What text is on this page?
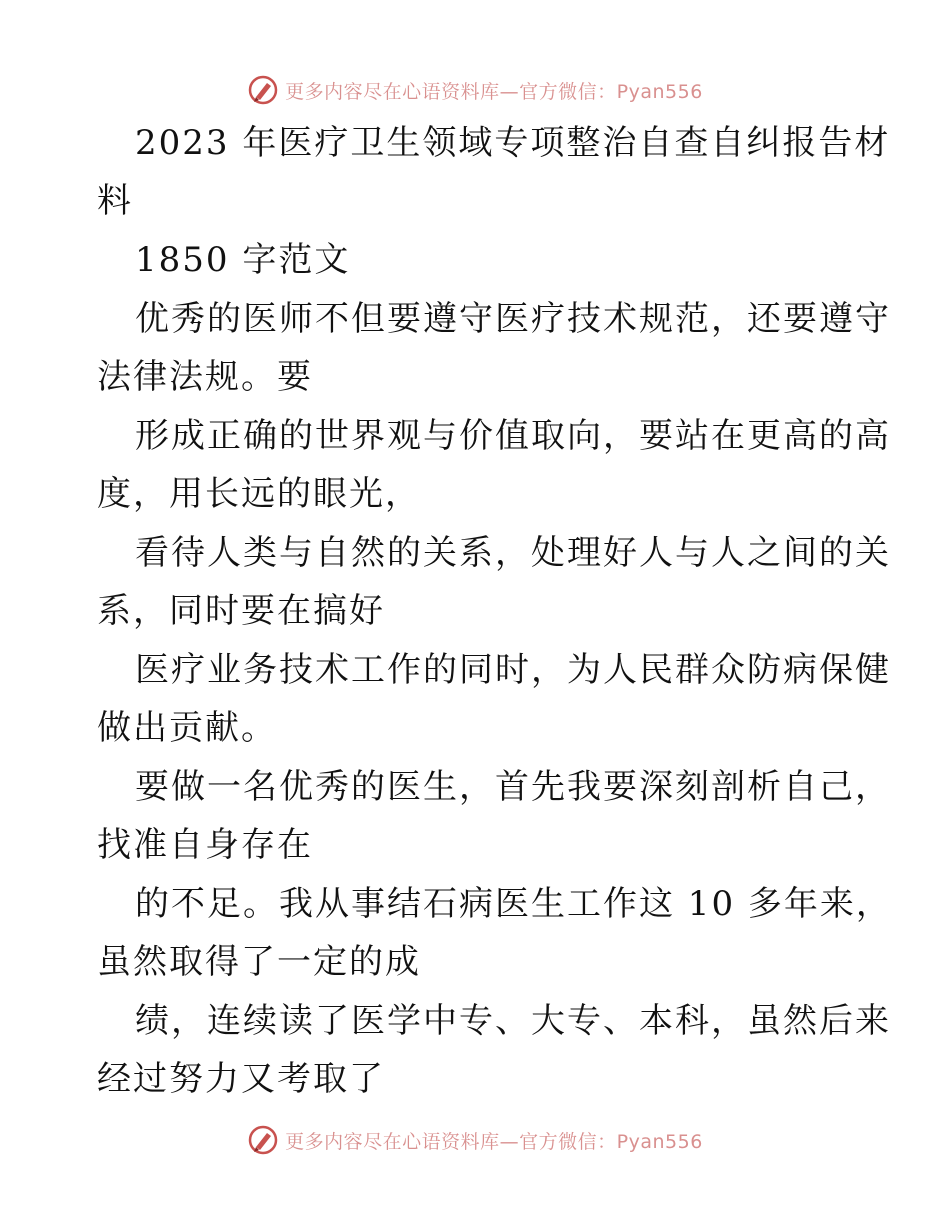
更多内容尽在心语资料库—官方微信：Pyan556
2023 年医疗卫生领域专项整治自查自纠报告材
料
1850 字范文
优秀的医师不但要遵守医疗技术规范，还要遵守
法律法规。要
形成正确的世界观与价值取向，要站在更高的高
度，用长远的眼光，
看待人类与自然的关系，处理好人与人之间的关
系，同时要在搞好
医疗业务技术工作的同时，为人民群众防病保健
做出贡献。
要做一名优秀的医生，首先我要深刻剖析自己，
找准自身存在
的不足。我从事结石病医生工作这 10 多年来，
虽然取得了一定的成
绩，连续读了医学中专、大专、本科，虽然后来
经过努力又考取了
更多内容尽在心语资料库—官方微信：Pyan556
